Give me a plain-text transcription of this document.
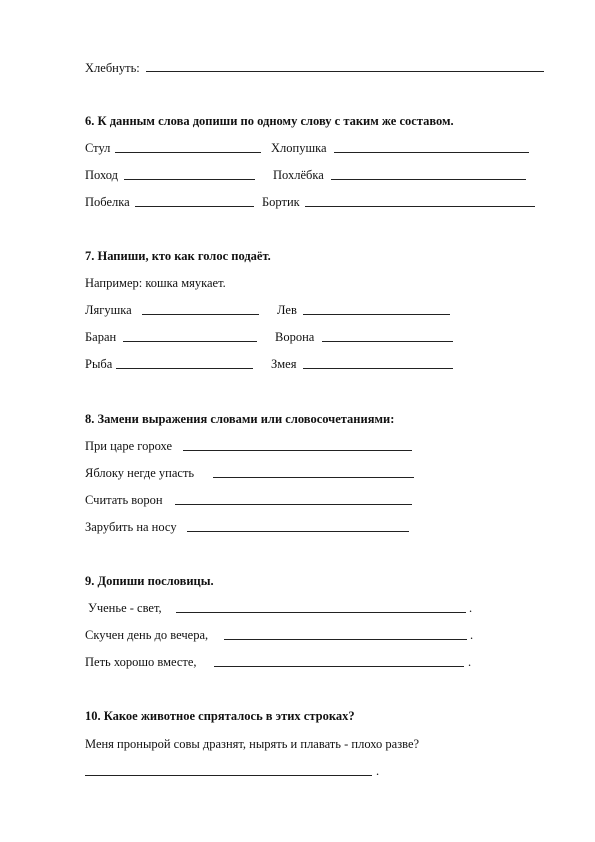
Хлебнуть:
6. К данным слова допиши по одному слову с таким же составом.
Стул	Хлопушка
Поход	Похлёбка
Побелка	Бортик
7. Напиши, кто как голос подаёт.
Например: кошка мяукает.
Лягушка	Лев
Баран	Ворона
Рыба	Змея
8. Замени выражения словами или словосочетаниями:
При царе горохе
Яблоку негде упасть
Считать ворон
Зарубить на носу
9. Допиши пословицы.
Ученье - свет,	.
Скучен день до вечера,	.
Петь хорошо вместе,	.
10. Какое животное спряталось в этих строках?
Меня пронырой совы дразнят, нырять и плавать - плохо разве?
.
